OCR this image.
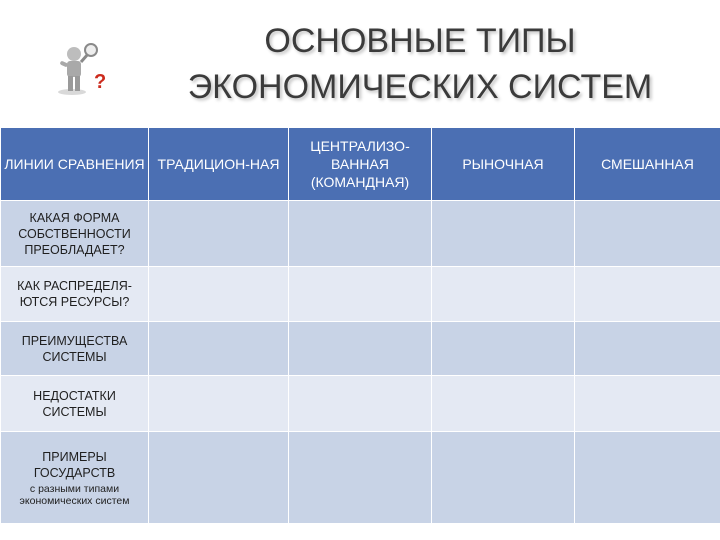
?
ОСНОВНЫЕ ТИПЫ
ЭКОНОМИЧЕСКИХ СИСТЕМ
ЛИНИИ СРАВНЕНИЯ	ТРАДИЦИОН-НАЯ	ЦЕНТРАЛИЗО-ВАННАЯ (КОМАНДНАЯ)	РЫНОЧНАЯ	СМЕШАННАЯ
КАКАЯ ФОРМА СОБСТВЕННОСТИ ПРЕОБЛАДАЕТ?				
КАК РАСПРЕДЕЛЯ-ЮТСЯ РЕСУРСЫ?				
ПРЕИМУЩЕСТВА СИСТЕМЫ				
НЕДОСТАТКИ СИСТЕМЫ				
ПРИМЕРЫ ГОСУДАРСТВ
с разными типами экономических систем				
